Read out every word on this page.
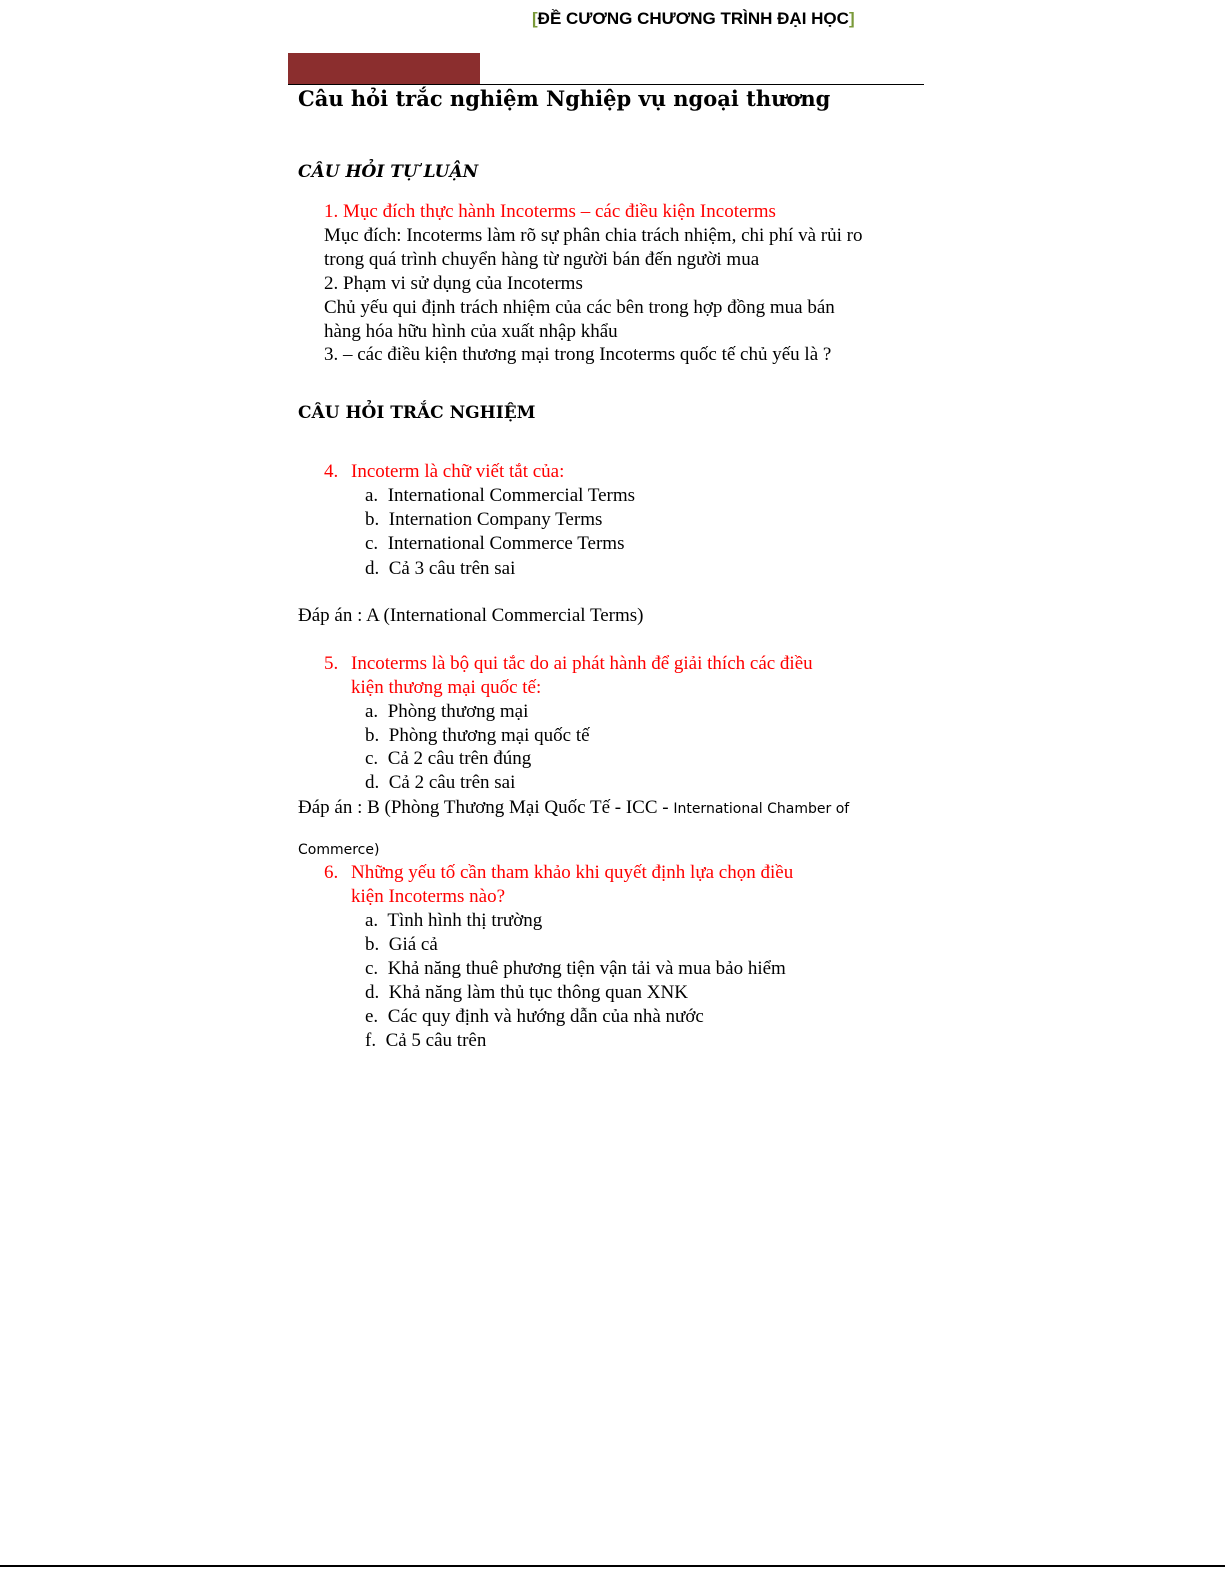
[ĐỀ CƯƠNG CHƯƠNG TRÌNH ĐẠI HỌC]
Câu hỏi trắc nghiệm Nghiệp vụ ngoại thương
CÂU HỎI TỰ LUẬN
1. Mục đích thực hành Incoterms – các điều kiện Incoterms
Mục đích: Incoterms làm rõ sự phân chia trách nhiệm, chi phí và rủi ro
trong quá trình chuyển hàng từ người bán đến người mua
2. Phạm vi sử dụng của Incoterms
Chủ yếu qui định trách nhiệm của các bên trong hợp đồng mua bán
hàng hóa hữu hình của xuất nhập khẩu
3. – các điều kiện thương mại trong Incoterms quốc tế chủ yếu là ?
CÂU HỎI TRẮC NGHIỆM
4. Incoterm là chữ viết tắt của:
a. International Commercial Terms
b. Internation Company Terms
c. International Commerce Terms
d. Cả 3 câu trên sai
Đáp án : A (International Commercial Terms)
5. Incoterms là bộ qui tắc do ai phát hành để giải thích các điều
kiện thương mại quốc tế:
a. Phòng thương mại
b. Phòng thương mại quốc tế
c. Cả 2 câu trên đúng
d. Cả 2 câu trên sai
Đáp án : B (Phòng Thương Mại Quốc Tế - ICC - International Chamber of
Commerce)
6. Những yếu tố cần tham khảo khi quyết định lựa chọn điều
kiện Incoterms nào?
a. Tình hình thị trường
b. Giá cả
c. Khả năng thuê phương tiện vận tải và mua bảo hiểm
d. Khả năng làm thủ tục thông quan XNK
e. Các quy định và hướng dẫn của nhà nước
f. Cả 5 câu trên
